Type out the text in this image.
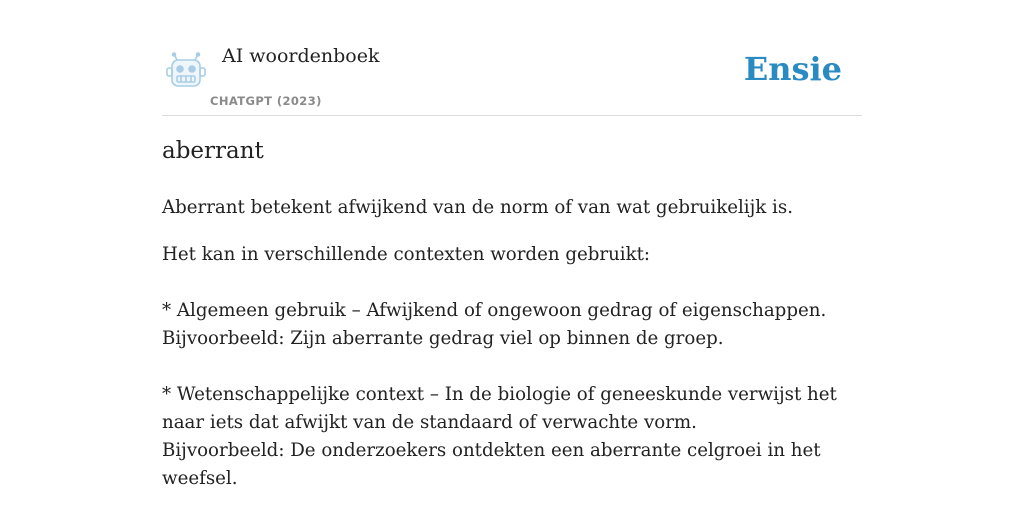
AI woordenboek
CHATGPT (2023)
Ensie
aberrant

Aberrant betekent afwijkend van de norm of van wat gebruikelijk is.

Het kan in verschillende contexten worden gebruikt:

* Algemeen gebruik – Afwijkend of ongewoon gedrag of eigenschappen.
Bijvoorbeeld: Zijn aberrante gedrag viel op binnen de groep.

* Wetenschappelijke context – In de biologie of geneeskunde verwijst het naar iets dat afwijkt van de standaard of verwachte vorm.
Bijvoorbeeld: De onderzoekers ontdekten een aberrante celgroei in het weefsel.
